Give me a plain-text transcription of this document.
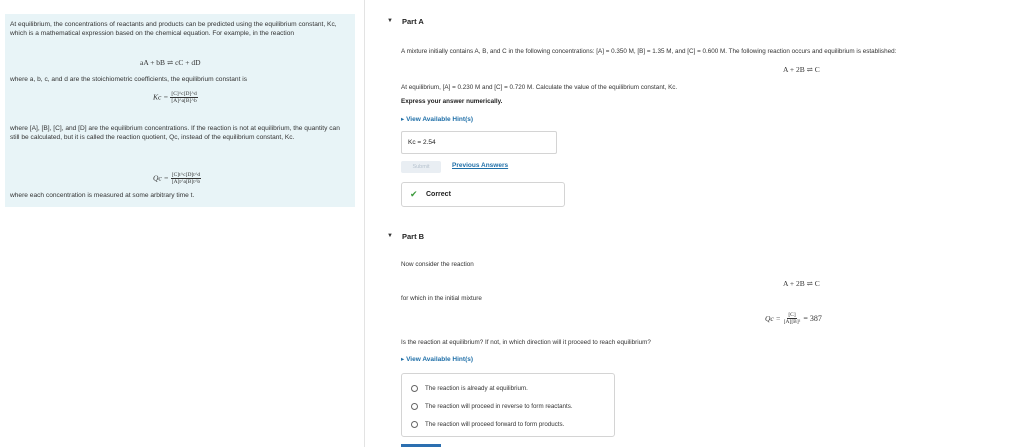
At equilibrium, the concentrations of reactants and products can be predicted using the equilibrium constant, Kc, which is a mathematical expression based on the chemical equation. For example, in the reaction

aA + bB ⇌ cC + dD

where a, b, c, and d are the stoichiometric coefficients, the equilibrium constant is

$Kc = \frac{[C]\^{}c[D]\^{}d}{[A]\^{}a[B]\^{}b}$

where [A], [B], [C], and [D] are the equilibrium concentrations. If the reaction is not at equilibrium, the quantity can still be calculated, but it is called the reaction quotient, Qc, instead of the equilibrium constant, Kc.

$Qc = \frac{[C]t\^{}c[D]t\^{}d}{[A]t\^{}a[B]t\^{}b}$

where each concentration is measured at some arbitrary time t.

▼ Part A
A mixture initially contains A, B, and C in the following concentrations: [A] = 0.350 M, [B] = 1.35 M, and [C] = 0.600 M. The following reaction occurs and equilibrium is established:
A + 2B ⇌ C
At equilibrium, [A] = 0.230 M and [C] = 0.720 M. Calculate the value of the equilibrium constant, Kc.
Express your answer numerically.
▸ View Available Hint(s)
Kc = 2.54
Submit	Previous Answers
✔ Correct
▼ Part B
Now consider the reaction
A + 2B ⇌ C
for which in the initial mixture
$Qc = \frac{[C]}{\text{[A][B]²}} = 387$
Is the reaction at equilibrium? If not, in which direction will it proceed to reach equilibrium?
▸ View Available Hint(s)
The reaction is already at equilibrium.
The reaction will proceed in reverse to form reactants.
The reaction will proceed forward to form products.
